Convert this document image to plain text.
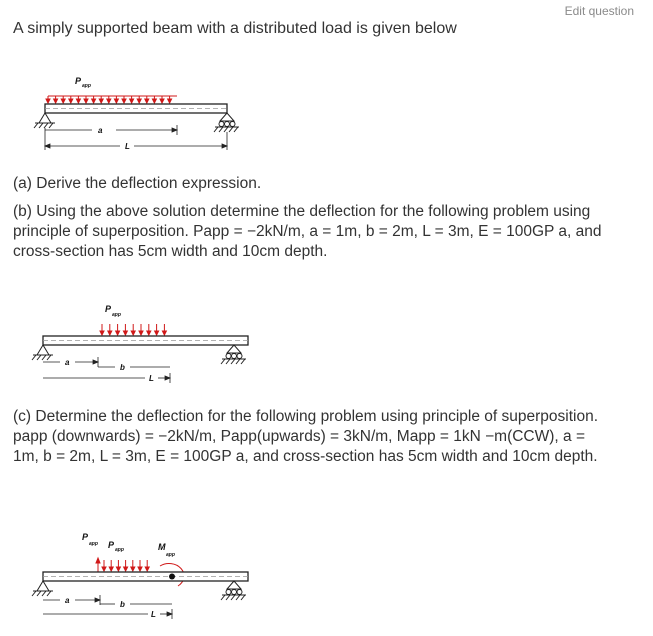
Edit question

A simply supported beam with a distributed load is given below

P app
a
L

(a) Derive the deflection expression.

(b) Using the above solution determine the deflection for the following problem using principle of superposition. Papp = −2kN/m, a = 1m, b = 2m, L = 3m, E = 100GP a, and cross-section has 5cm width and 10cm depth.

P
app
a
b
L

(c) Determine the deflection for the following problem using principle of superposition. papp (downwards) = −2kN/m, Papp(upwards) = 3kN/m, Mapp = 1kN −m(CCW), a = 1m, b = 2m, L = 3m, E = 100GP a, and cross-section has 5cm width and 10cm depth.

P
app P app	M
app
a	b
L
